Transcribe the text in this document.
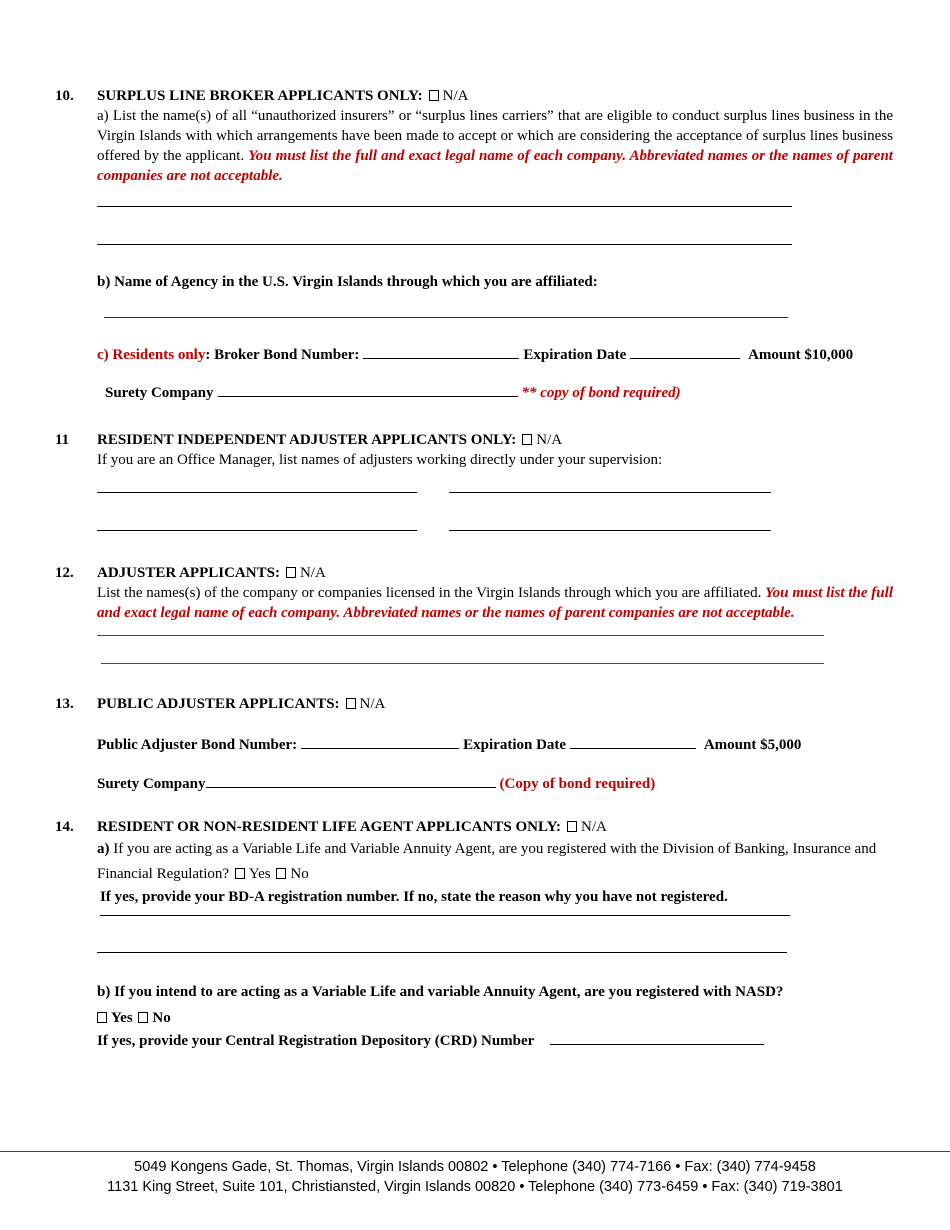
10.	SURPLUS LINE BROKER APPLICANTS ONLY: N/A

a) List the name(s) of all “unauthorized insurers” or “surplus lines carriers” that are eligible to conduct surplus lines business in the Virgin Islands with which arrangements have been made to accept or which are considering the acceptance of surplus lines business offered by the applicant. You must list the full and exact legal name of each company. Abbreviated names or the names of parent companies are not acceptable.

b) Name of Agency in the U.S. Virgin Islands through which you are affiliated:

c) Residents only: Broker Bond Number:	Expiration Date	Amount $10,000
Surety Company	** copy of bond required)
11	RESIDENT INDEPENDENT ADJUSTER APPLICANTS ONLY: N/A

If you are an Office Manager, list names of adjusters working directly under your supervision:

12.	ADJUSTER APPLICANTS: N/A

List the names(s) of the company or companies licensed in the Virgin Islands through which you are affiliated. You must list the full and exact legal name of each company. Abbreviated names or the names of parent companies are not acceptable.

13.	PUBLIC ADJUSTER APPLICANTS: N/A
Public Adjuster Bond Number:	Expiration Date	Amount $5,000
Surety Company	(Copy of bond required)
14.	RESIDENT OR NON-RESIDENT LIFE AGENT APPLICANTS ONLY: N/A

a) If you are acting as a Variable Life and Variable Annuity Agent, are you registered with the Division of Banking, Insurance and Financial Regulation? Yes No

If yes, provide your BD-A registration number. If no, state the reason why you have not registered.

b) If you intend to are acting as a Variable Life and variable Annuity Agent, are you registered with NASD?

Yes No

If yes, provide your Central Registration Depository (CRD) Number

5049 Kongens Gade, St. Thomas, Virgin Islands 00802 • Telephone (340) 774-7166 • Fax: (340) 774-9458
1131 King Street, Suite 101, Christiansted, Virgin Islands 00820 • Telephone (340) 773-6459 • Fax: (340) 719-3801
